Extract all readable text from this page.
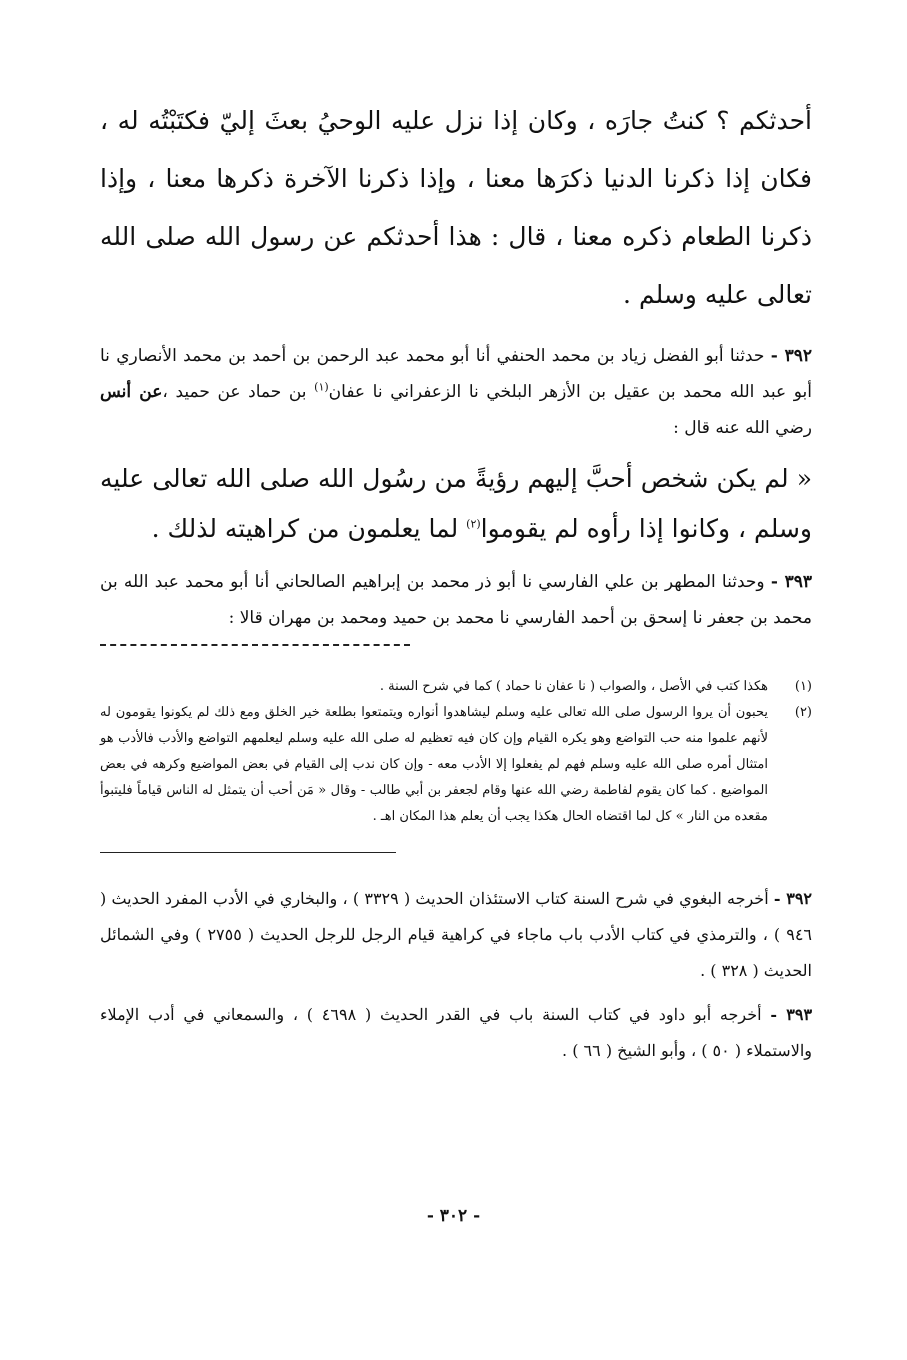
أحدثكم ؟ كنتُ جارَه ، وكان إذا نزل عليه الوحيُ بعثَ إليّ فكتَبْتُه له ، فكان إذا ذكرنا الدنيا ذكرَها معنا ، وإذا ذكرنا الآخرة ذكرها معنا ، وإذا ذكرنا الطعام ذكره معنا ، قال : هذا أحدثكم عن رسول الله صلى الله تعالى عليه وسلم .

٣٩٢ - حدثنا أبو الفضل زياد بن محمد الحنفي أنا أبو محمد عبد الرحمن بن أحمد بن محمد الأنصاري نا أبو عبد الله محمد بن عقيل بن الأزهر البلخي نا الزعفراني نا عفان$^{(١)}$ بن حماد عن حميد ،عن أنس رضي الله عنه قال :

« لم يكن شخص أحبَّ إليهم رؤيةً من رسُول الله صلى الله تعالى عليه وسلم ، وكانوا إذا رأوه لم يقوموا$^{(٢)}$ لما يعلمون من كراهيته لذلك .

٣٩٣ - وحدثنا المطهر بن علي الفارسي نا أبو ذر محمد بن إبراهيم الصالحاني أنا أبو محمد عبد الله بن محمد بن جعفر نا إسحق بن أحمد الفارسي نا محمد بن حميد ومحمد بن مهران قالا :

(١)
هكذا كتب في الأصل ، والصواب ( نا عفان نا حماد ) كما في شرح السنة .
(٢)
يحبون أن يروا الرسول صلى الله تعالى عليه وسلم ليشاهدوا أنواره ويتمتعوا بطلعة خير الخلق ومع ذلك لم يكونوا يقومون له لأنهم علموا منه حب التواضع وهو يكره القيام وإن كان فيه تعظيم له صلى الله عليه وسلم ليعلمهم التواضع والأدب فالأدب هو امتثال أمره صلى الله عليه وسلم فهم لم يفعلوا إلا الأدب معه - وإن كان ندب إلى القيام في بعض المواضيع وكرهه في بعض المواضيع . كما كان يقوم لفاطمة رضي الله عنها وقام لجعفر بن أبي طالب - وقال « مَن أحب أن يتمثل له الناس قياماً فليتبوأ مقعده من النار » كل لما اقتضاه الحال هكذا يجب أن يعلم هذا المكان اهـ .

٣٩٢ - أخرجه البغوي في شرح السنة كتاب الاستئذان الحديث ( ٣٣٢٩ ) ، والبخاري في الأدب المفرد الحديث ( ٩٤٦ ) ، والترمذي في كتاب الأدب باب ماجاء في كراهية قيام الرجل للرجل الحديث ( ٢٧٥٥ ) وفي الشمائل الحديث ( ٣٢٨ ) .

٣٩٣ - أخرجه أبو داود في كتاب السنة باب في القدر الحديث ( ٤٦٩٨ ) ، والسمعاني في أدب الإملاء والاستملاء ( ٥٠ ) ، وأبو الشيخ ( ٦٦ ) .

- ٣٠٢ -
